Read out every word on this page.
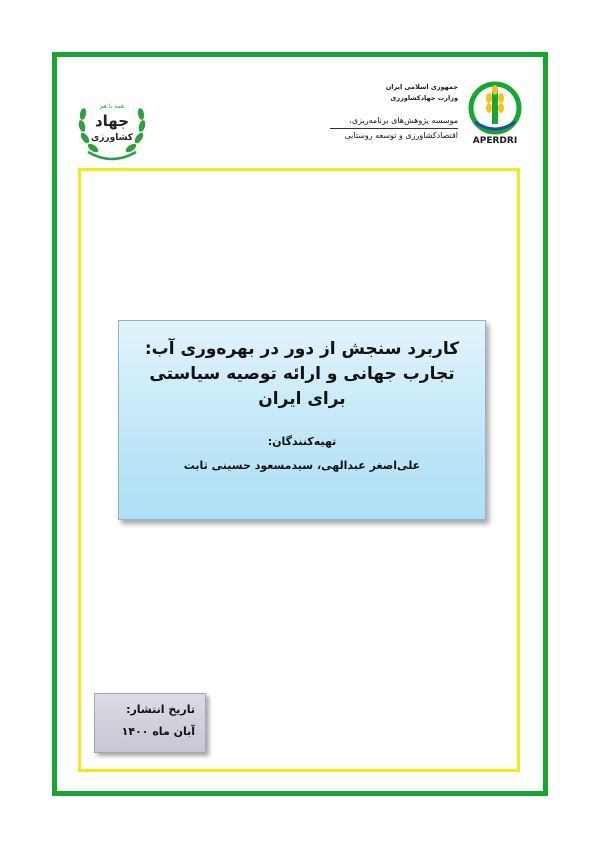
همه با هم
جهاد
کشاورزی	APERDRI
جمهوری اسلامی ایران
وزارت جهادکشاورزی
موسسه پژوهش‌های برنامه‌ریزی،
اقتصادکشاورزی و توسعه روستایی
کاربرد سنجش از دور در بهره‌وری آب:
تجارب جهانی و ارائه توصیه سیاستی
برای ایران
تهیه‌کنندگان:
علی‌اصغر عبدالهی، سیدمسعود حسینی ثابت
تاریخ انتشار:
آبان ماه ۱۴۰۰
